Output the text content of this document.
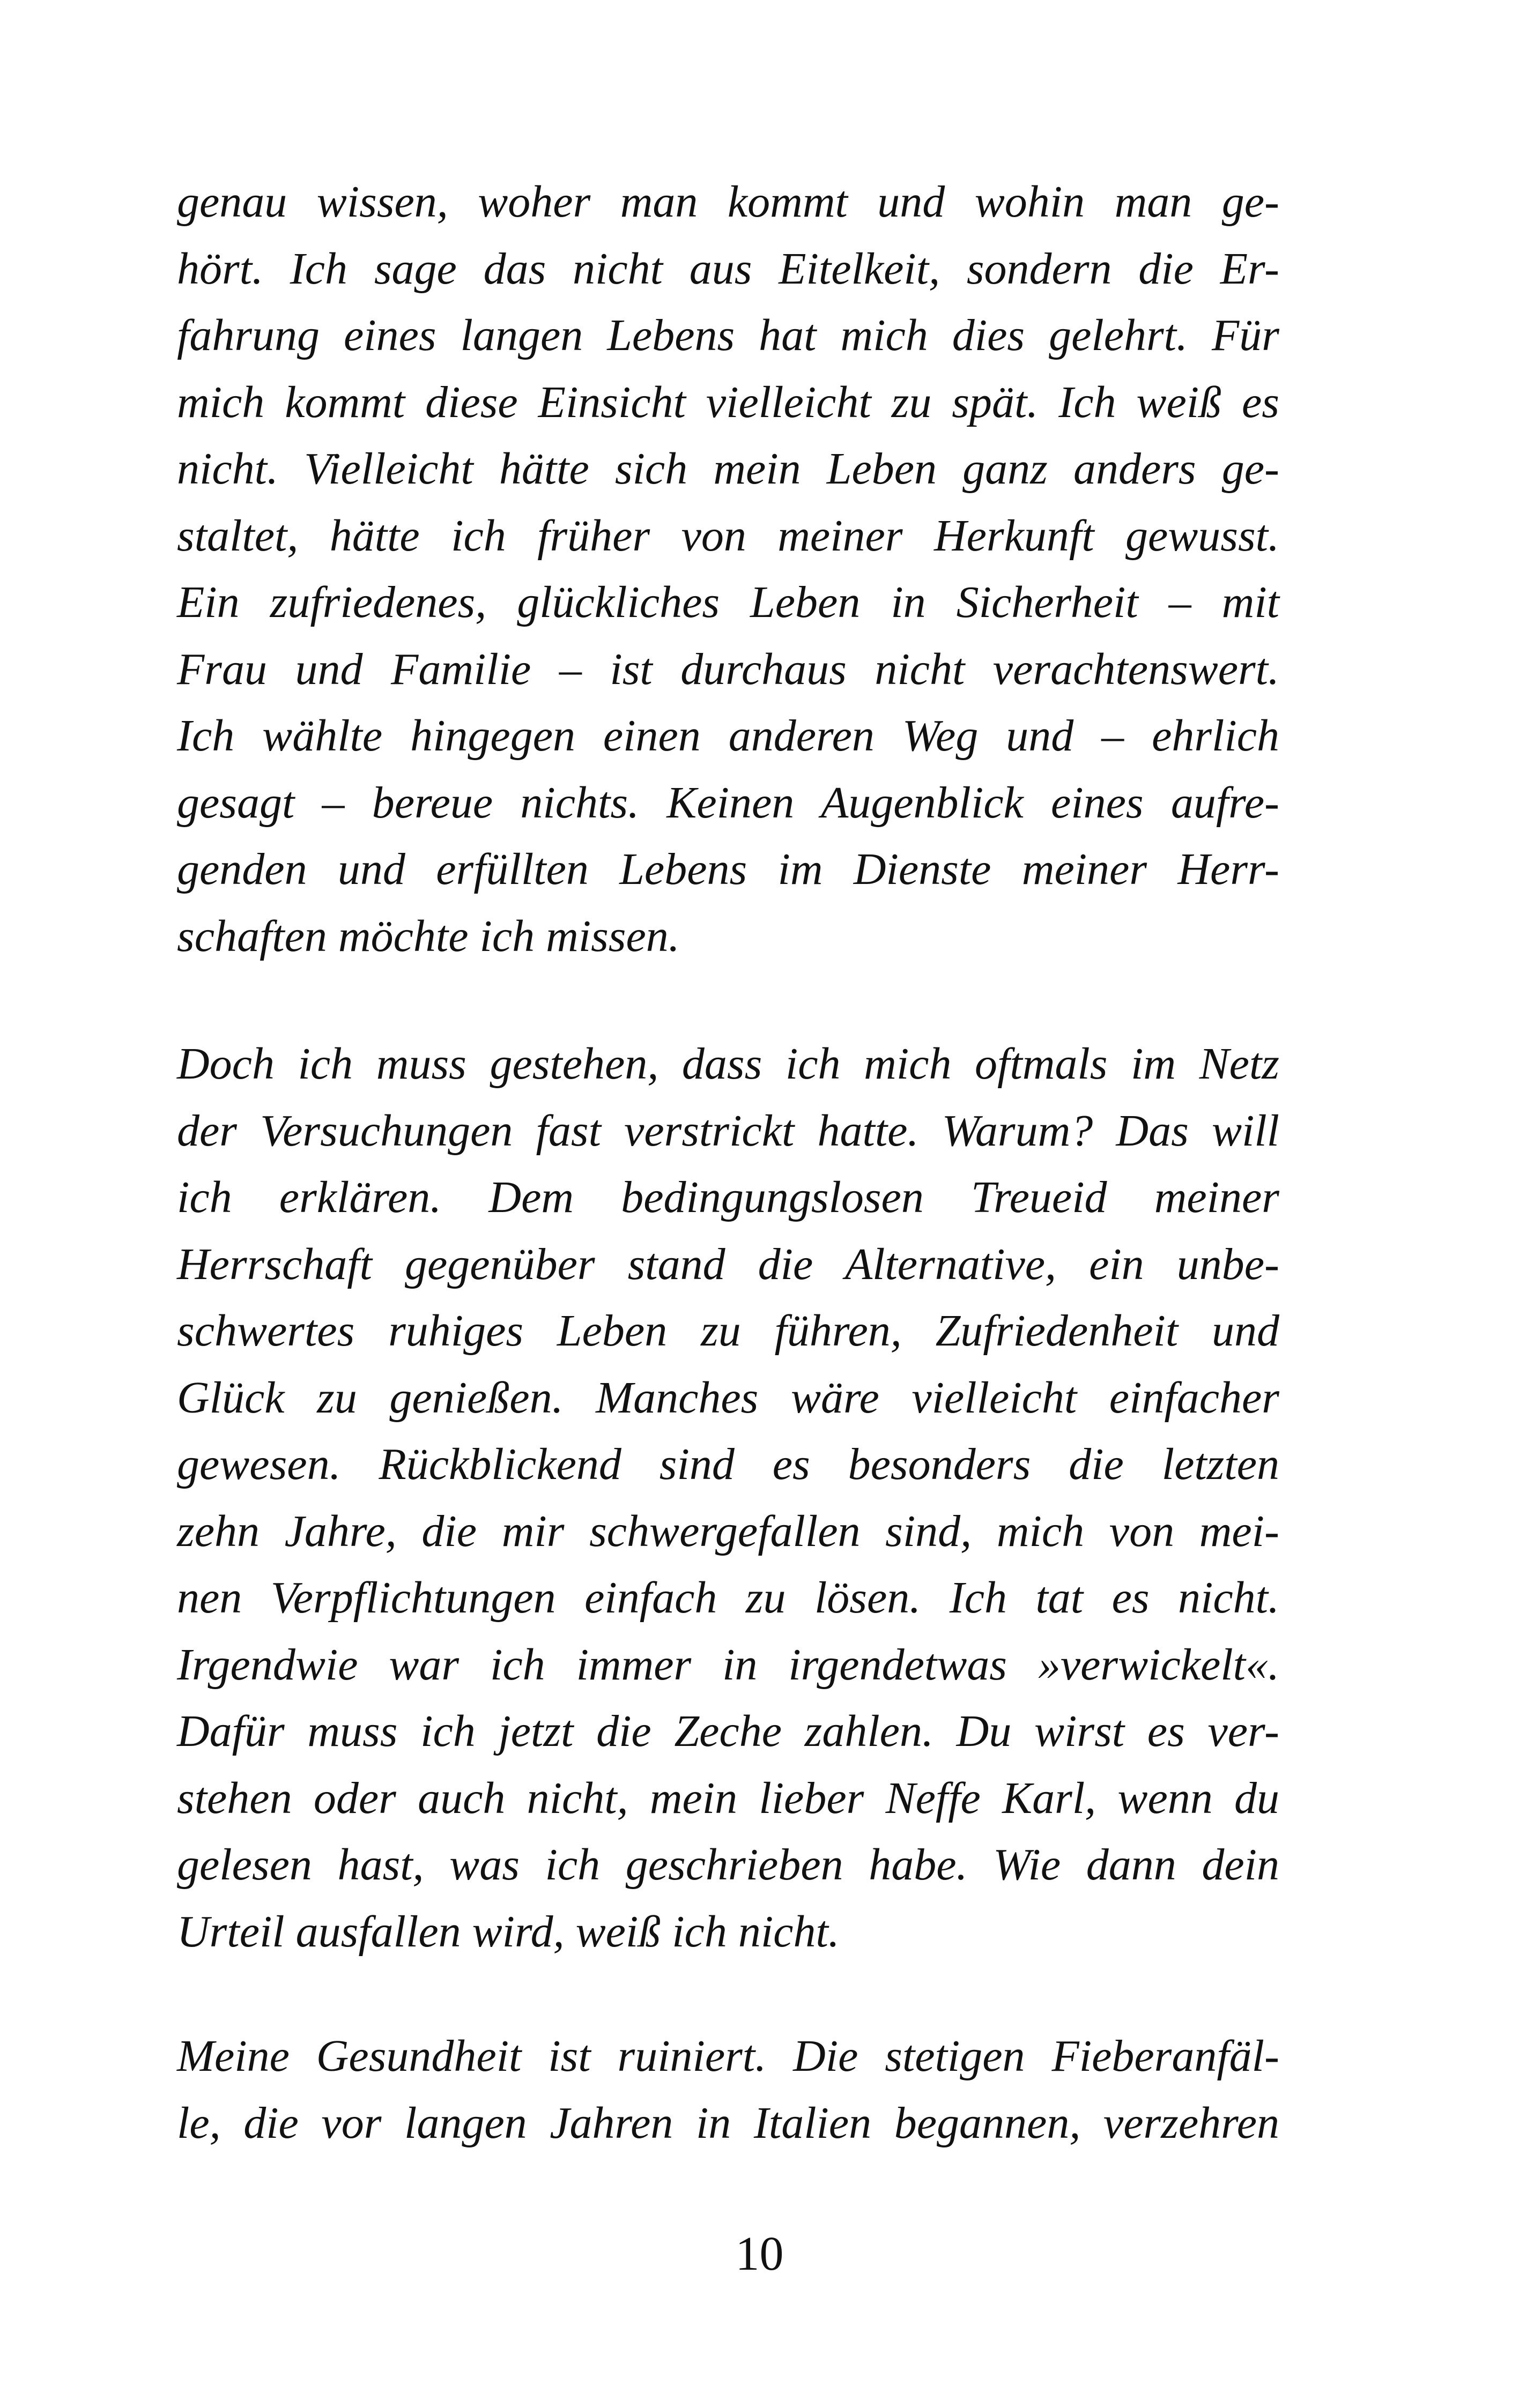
genau wissen, woher man kommt und wohin man ge-
hört. Ich sage das nicht aus Eitelkeit, sondern die Er-
fahrung eines langen Lebens hat mich dies gelehrt. Für
mich kommt diese Einsicht vielleicht zu spät. Ich weiß es
nicht. Vielleicht hätte sich mein Leben ganz anders ge-
staltet, hätte ich früher von meiner Herkunft gewusst.
Ein zufriedenes, glückliches Leben in Sicherheit – mit
Frau und Familie – ist durchaus nicht verachtenswert.
Ich wählte hingegen einen anderen Weg und – ehrlich
gesagt – bereue nichts. Keinen Augenblick eines aufre-
genden und erfüllten Lebens im Dienste meiner Herr-
schaften möchte ich missen.
Doch ich muss gestehen, dass ich mich oftmals im Netz
der Versuchungen fast verstrickt hatte. Warum? Das will
ich erklären. Dem bedingungslosen Treueid meiner
Herrschaft gegenüber stand die Alternative, ein unbe-
schwertes ruhiges Leben zu führen, Zufriedenheit und
Glück zu genießen. Manches wäre vielleicht einfacher
gewesen. Rückblickend sind es besonders die letzten
zehn Jahre, die mir schwergefallen sind, mich von mei-
nen Verpflichtungen einfach zu lösen. Ich tat es nicht.
Irgendwie war ich immer in irgendetwas »verwickelt«.
Dafür muss ich jetzt die Zeche zahlen. Du wirst es ver-
stehen oder auch nicht, mein lieber Neffe Karl, wenn du
gelesen hast, was ich geschrieben habe. Wie dann dein
Urteil ausfallen wird, weiß ich nicht.
Meine Gesundheit ist ruiniert. Die stetigen Fieberanfäl-
le, die vor langen Jahren in Italien begannen, verzehren
10
